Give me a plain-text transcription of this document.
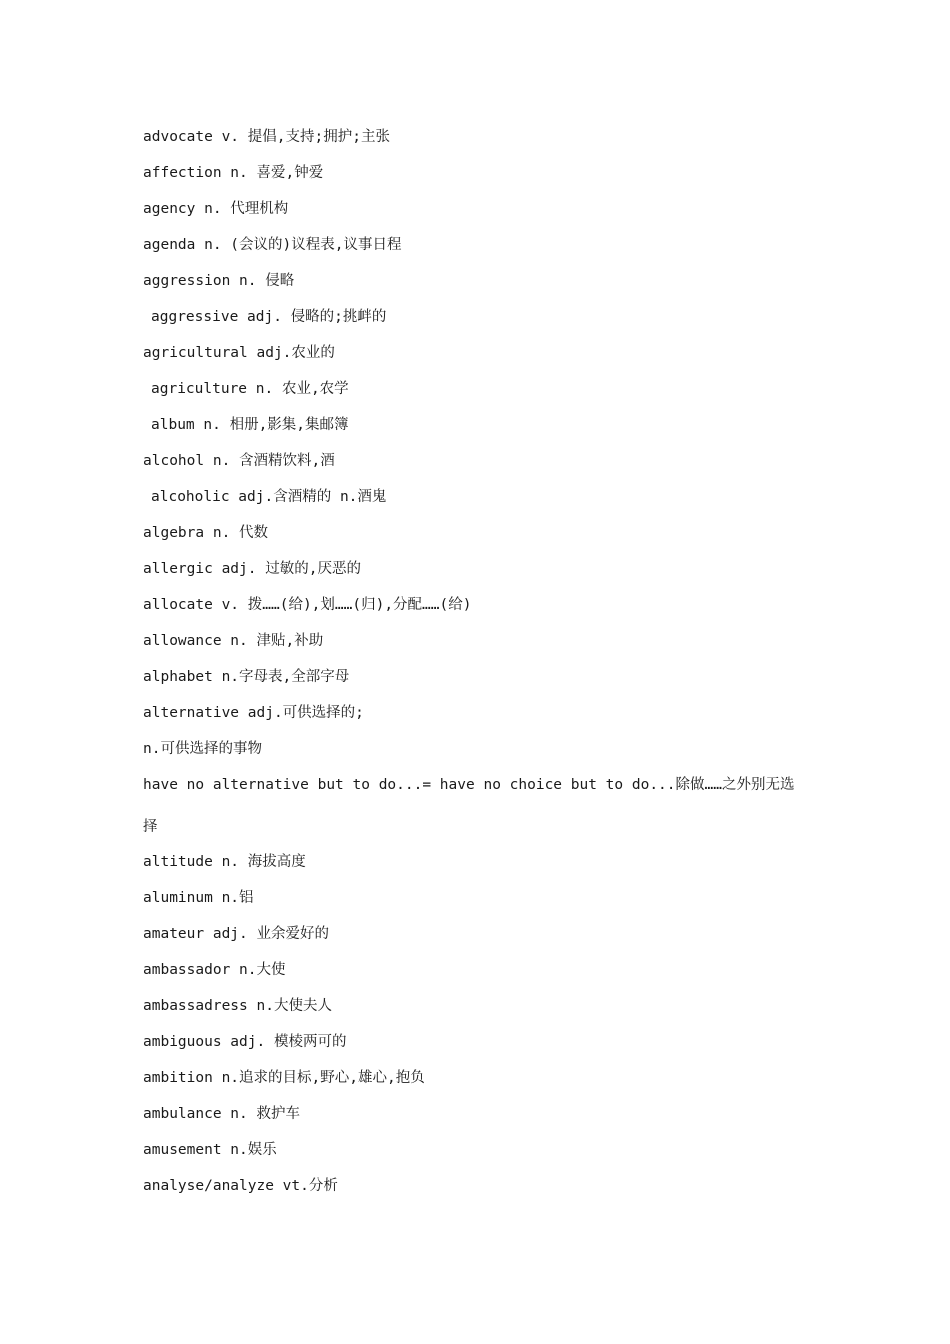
advocate v. 提倡,支持;拥护;主张
affection n. 喜爱,钟爱
agency n. 代理机构
agenda n. (会议的)议程表,议事日程
aggression n. 侵略
aggressive adj. 侵略的;挑衅的
agricultural adj.农业的
agriculture n. 农业,农学
album n. 相册,影集,集邮簿
alcohol n. 含酒精饮料,酒
alcoholic adj.含酒精的 n.酒鬼
algebra n. 代数
allergic adj. 过敏的,厌恶的
allocate v. 拨……(给),划……(归),分配……(给)
allowance n. 津贴,补助
alphabet n.字母表,全部字母
alternative adj.可供选择的;
n.可供选择的事物
have no alternative but to do...= have no choice but to do...除做……之外别无选
择
altitude n. 海拔高度
aluminum n.铝
amateur adj. 业余爱好的
ambassador n.大使
ambassadress n.大使夫人
ambiguous adj. 模棱两可的
ambition n.追求的目标,野心,雄心,抱负
ambulance n. 救护车
amusement n.娱乐
analyse/analyze vt.分析
